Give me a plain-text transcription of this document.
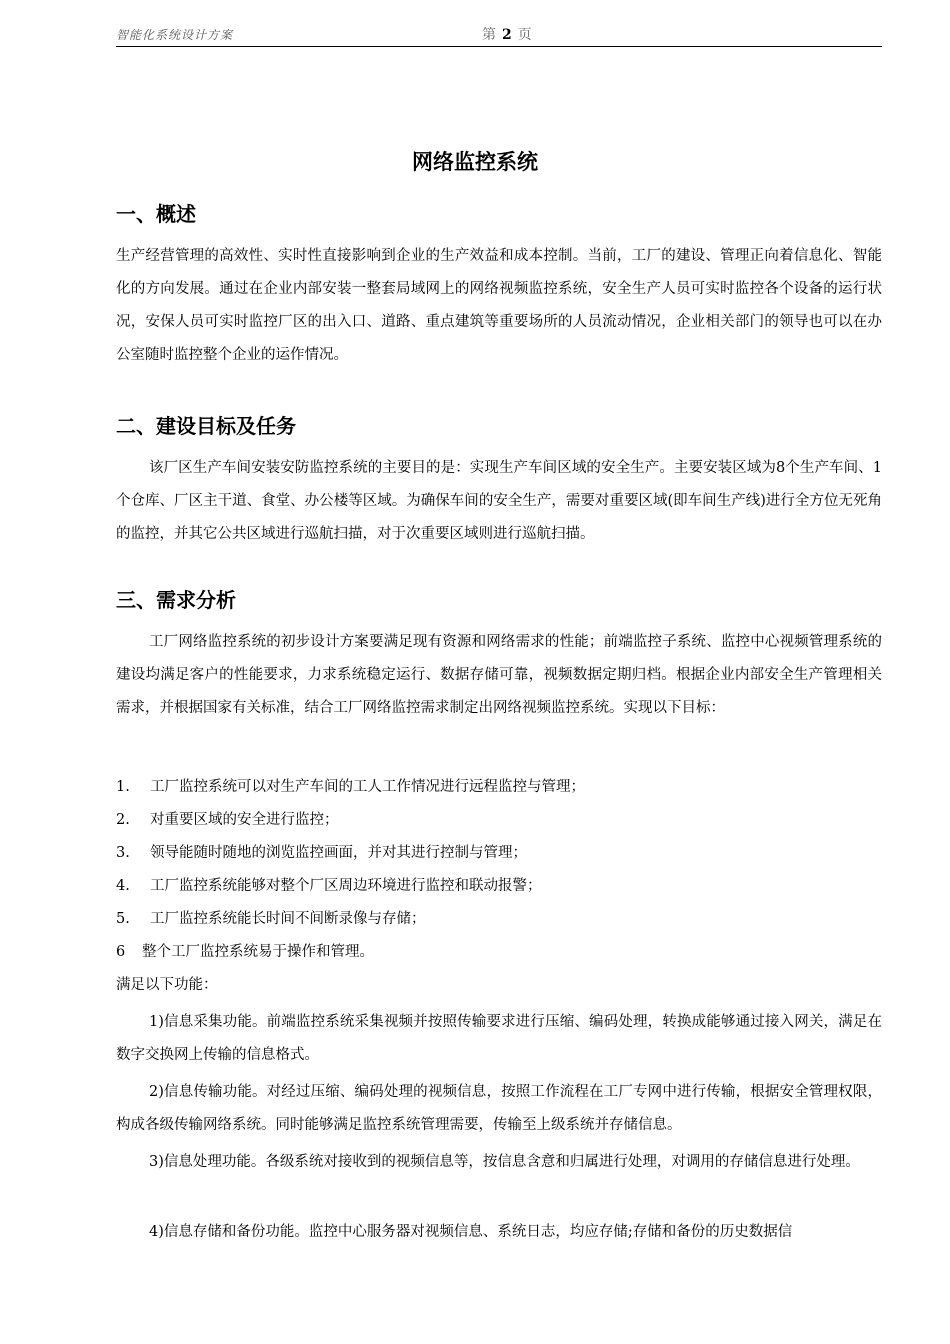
智能化系统设计方案	第 2 页
网络监控系统
一、概述

生产经营管理的高效性、实时性直接影响到企业的生产效益和成本控制。当前，工厂的建设、管理正向着信息化、智能化的方向发展。通过在企业内部安装一整套局域网上的网络视频监控系统，安全生产人员可实时监控各个设备的运行状况，安保人员可实时监控厂区的出入口、道路、重点建筑等重要场所的人员流动情况，企业相关部门的领导也可以在办公室随时监控整个企业的运作情况。

二、建设目标及任务

该厂区生产车间安装安防监控系统的主要目的是：实现生产车间区域的安全生产。主要安装区域为8个生产车间、1个仓库、厂区主干道、食堂、办公楼等区域。为确保车间的安全生产，需要对重要区域(即车间生产线)进行全方位无死角的监控，并其它公共区域进行巡航扫描，对于次重要区域则进行巡航扫描。

三、需求分析

工厂网络监控系统的初步设计方案要满足现有资源和网络需求的性能；前端监控子系统、监控中心视频管理系统的建设均满足客户的性能要求，力求系统稳定运行、数据存储可靠，视频数据定期归档。根据企业内部安全生产管理相关需求，并根据国家有关标准，结合工厂网络监控需求制定出网络视频监控系统。实现以下目标：

1. 工厂监控系统可以对生产车间的工人工作情况进行远程监控与管理；
2. 对重要区域的安全进行监控；
3. 领导能随时随地的浏览监控画面，并对其进行控制与管理；
4. 工厂监控系统能够对整个厂区周边环境进行监控和联动报警；
5. 工厂监控系统能长时间不间断录像与存储；
6 整个工厂监控系统易于操作和管理。
满足以下功能：

1)信息采集功能。前端监控系统采集视频并按照传输要求进行压缩、编码处理，转换成能够通过接入网关，满足在数字交换网上传输的信息格式。

2)信息传输功能。对经过压缩、编码处理的视频信息，按照工作流程在工厂专网中进行传输，根据安全管理权限，构成各级传输网络系统。同时能够满足监控系统管理需要，传输至上级系统并存储信息。

3)信息处理功能。各级系统对接收到的视频信息等，按信息含意和归属进行处理，对调用的存储信息进行处理。

4)信息存储和备份功能。监控中心服务器对视频信息、系统日志，均应存储;存储和备份的历史数据信
